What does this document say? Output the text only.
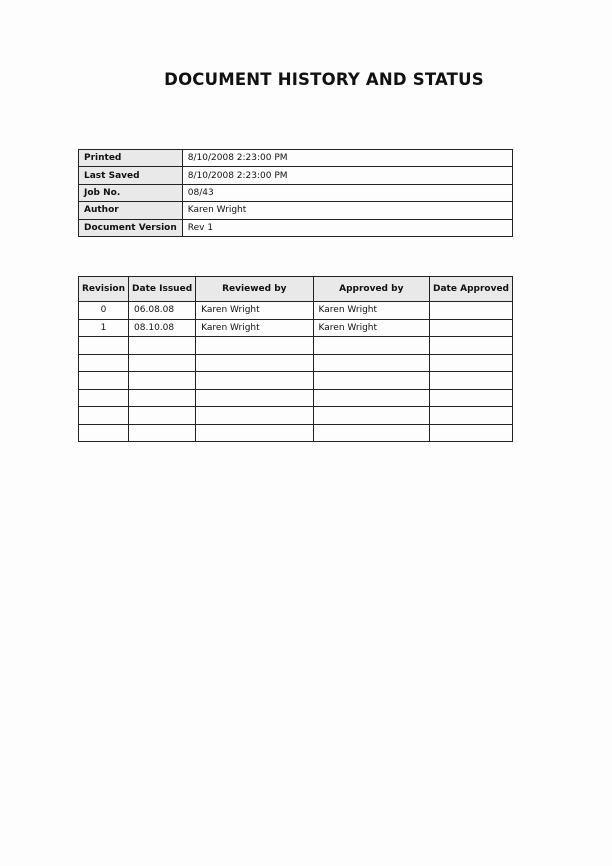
DOCUMENT HISTORY AND STATUS
Printed	8/10/2008 2:23:00 PM
Last Saved	8/10/2008 2:23:00 PM
Job No.	08/43
Author	Karen Wright
Document Version	Rev 1
Revision	Date Issued	Reviewed by	Approved by	Date Approved
0	06.08.08	Karen Wright	Karen Wright	
1	08.10.08	Karen Wright	Karen Wright	
